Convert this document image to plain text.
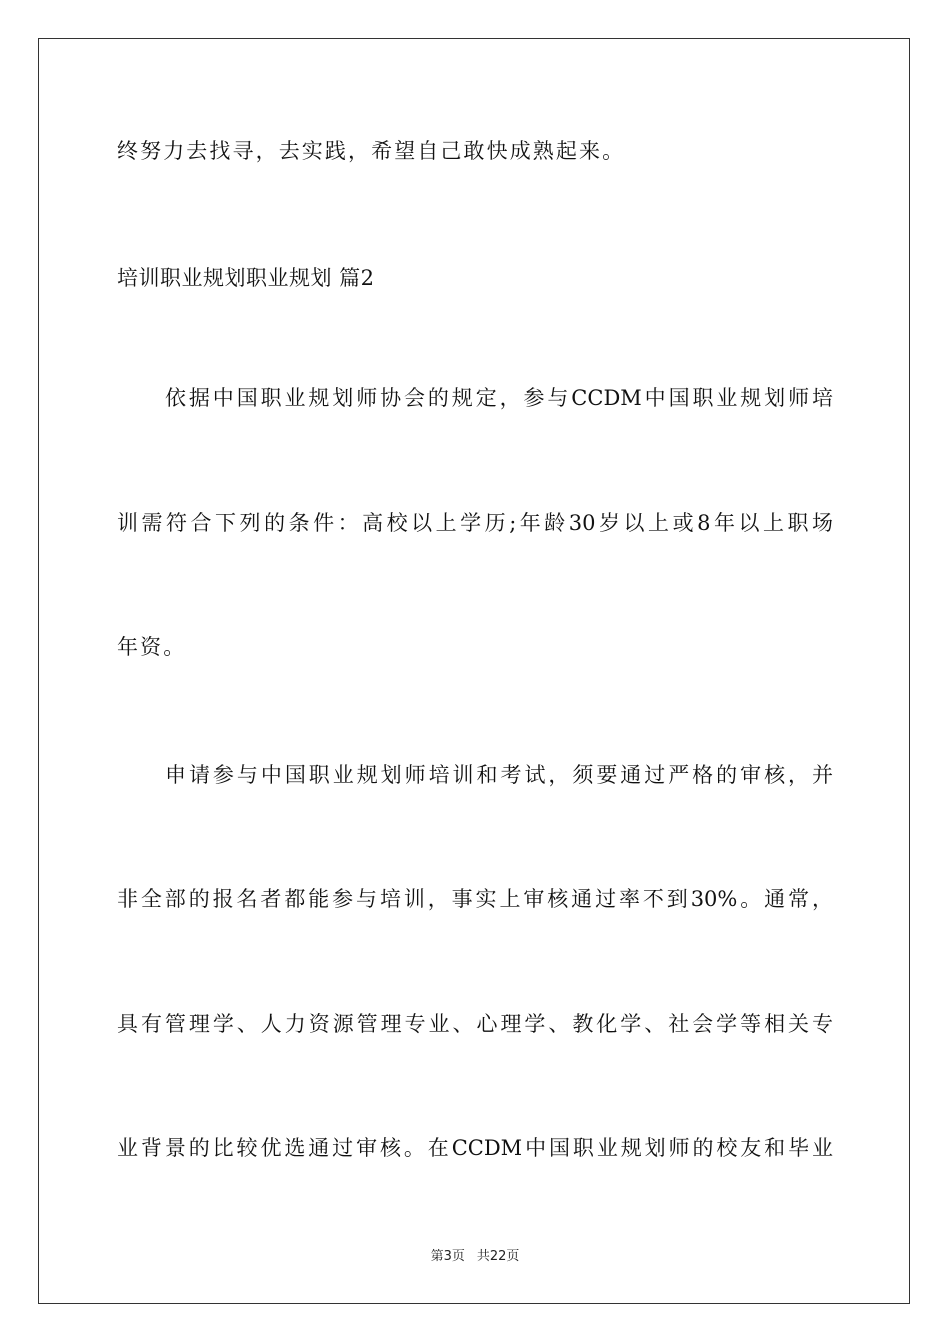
终努力去找寻，去实践，希望自己敢快成熟起来。
培训职业规划职业规划 篇2
依据中国职业规划师协会的规定，参与CCDM中国职业规划师培
训需符合下列的条件：高校以上学历;年龄30岁以上或8年以上职场
年资。
申请参与中国职业规划师培训和考试，须要通过严格的审核，并
非全部的报名者都能参与培训，事实上审核通过率不到30%。通常，
具有管理学、人力资源管理专业、心理学、教化学、社会学等相关专
业背景的比较优选通过审核。在CCDM中国职业规划师的校友和毕业
第3页 共22页
